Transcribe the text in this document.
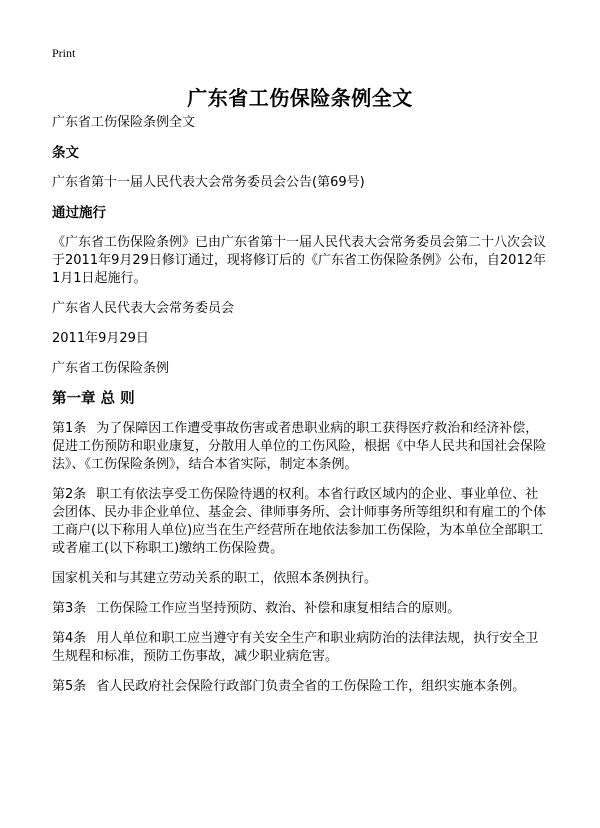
Print
广东省工伤保险条例全文

广东省工伤保险条例全文

条文

广东省第十一届人民代表大会常务委员会公告(第69号)

通过施行

《广东省工伤保险条例》已由广东省第十一届人民代表大会常务委员会第二十八次会议于2011年9月29日修订通过，现将修订后的《广东省工伤保险条例》公布，自2012年1月1日起施行。

广东省人民代表大会常务委员会

2011年9月29日

广东省工伤保险条例

第一章 总 则

第1条 为了保障因工作遭受事故伤害或者患职业病的职工获得医疗救治和经济补偿，促进工伤预防和职业康复，分散用人单位的工伤风险，根据《中华人民共和国社会保险法》、《工伤保险条例》，结合本省实际，制定本条例。

第2条 职工有依法享受工伤保险待遇的权利。本省行政区域内的企业、事业单位、社会团体、民办非企业单位、基金会、律师事务所、会计师事务所等组织和有雇工的个体工商户(以下称用人单位)应当在生产经营所在地依法参加工伤保险，为本单位全部职工或者雇工(以下称职工)缴纳工伤保险费。

国家机关和与其建立劳动关系的职工，依照本条例执行。

第3条 工伤保险工作应当坚持预防、救治、补偿和康复相结合的原则。

第4条 用人单位和职工应当遵守有关安全生产和职业病防治的法律法规，执行安全卫生规程和标准，预防工伤事故，减少职业病危害。

第5条 省人民政府社会保险行政部门负责全省的工伤保险工作，组织实施本条例。
